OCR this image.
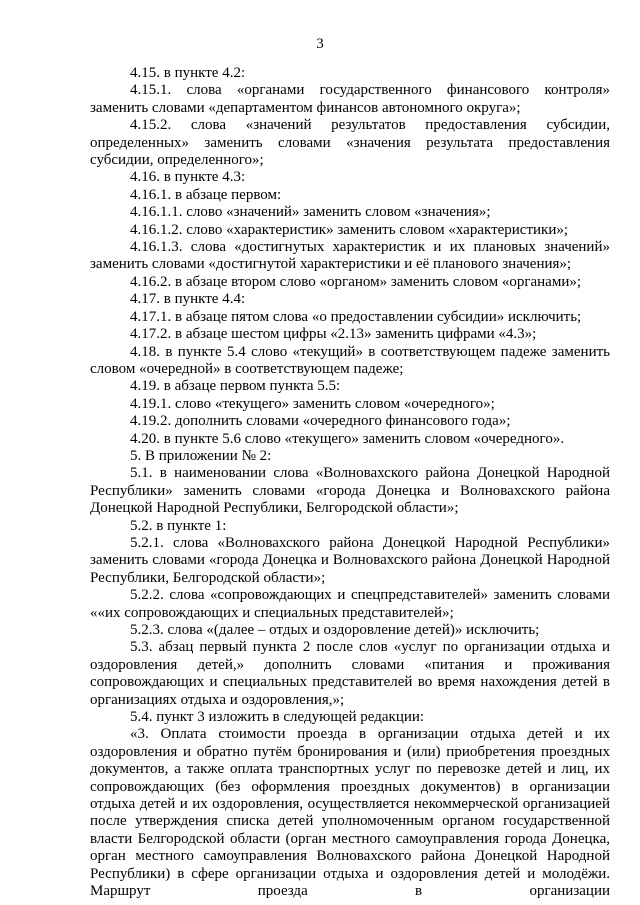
3

4.15. в пункте 4.2:

4.15.1. слова «органами государственного финансового контроля» заменить словами «департаментом финансов автономного округа»;

4.15.2. слова «значений результатов предоставления субсидии, определенных» заменить словами «значения результата предоставления субсидии, определенного»;

4.16. в пункте 4.3:

4.16.1. в абзаце первом:

4.16.1.1. слово «значений» заменить словом «значения»;

4.16.1.2. слово «характеристик» заменить словом «характеристики»;

4.16.1.3. слова «достигнутых характеристик и их плановых значений» заменить словами «достигнутой характеристики и её планового значения»;

4.16.2. в абзаце втором слово «органом» заменить словом «органами»;

4.17. в пункте 4.4:

4.17.1. в абзаце пятом слова «о предоставлении субсидии» исключить;

4.17.2. в абзаце шестом цифры «2.13» заменить цифрами «4.3»;

4.18. в пункте 5.4 слово «текущий» в соответствующем падеже заменить словом «очередной» в соответствующем падеже;

4.19. в абзаце первом пункта 5.5:

4.19.1. слово «текущего» заменить словом «очередного»;

4.19.2. дополнить словами «очередного финансового года»;

4.20. в пункте 5.6 слово «текущего» заменить словом «очередного».

5. В приложении № 2:

5.1. в наименовании слова «Волновахского района Донецкой Народной Республики» заменить словами «города Донецка и Волновахского района Донецкой Народной Республики, Белгородской области»;

5.2. в пункте 1:

5.2.1. слова «Волновахского района Донецкой Народной Республики» заменить словами «города Донецка и Волновахского района Донецкой Народной Республики, Белгородской области»;

5.2.2. слова «сопровождающих и спецпредставителей» заменить словами ««их сопровождающих и специальных представителей»;

5.2.3. слова «(далее – отдых и оздоровление детей)» исключить;

5.3. абзац первый пункта 2 после слов «услуг по организации отдыха и оздоровления детей,» дополнить словами «питания и проживания сопровождающих и специальных представителей во время нахождения детей в организациях отдыха и оздоровления,»;

5.4. пункт 3 изложить в следующей редакции:

«3. Оплата стоимости проезда в организации отдыха детей и их оздоровления и обратно путём бронирования и (или) приобретения проездных документов, а также оплата транспортных услуг по перевозке детей и лиц, их сопровождающих (без оформления проездных документов) в организации отдыха детей и их оздоровления, осуществляется некоммерческой организацией после утверждения списка детей уполномоченным органом государственной власти Белгородской области (орган местного самоуправления города Донецка, орган местного самоуправления Волновахского района Донецкой Народной Республики) в сфере организации отдыха и оздоровления детей и молодёжи. Маршрут проезда в организации
